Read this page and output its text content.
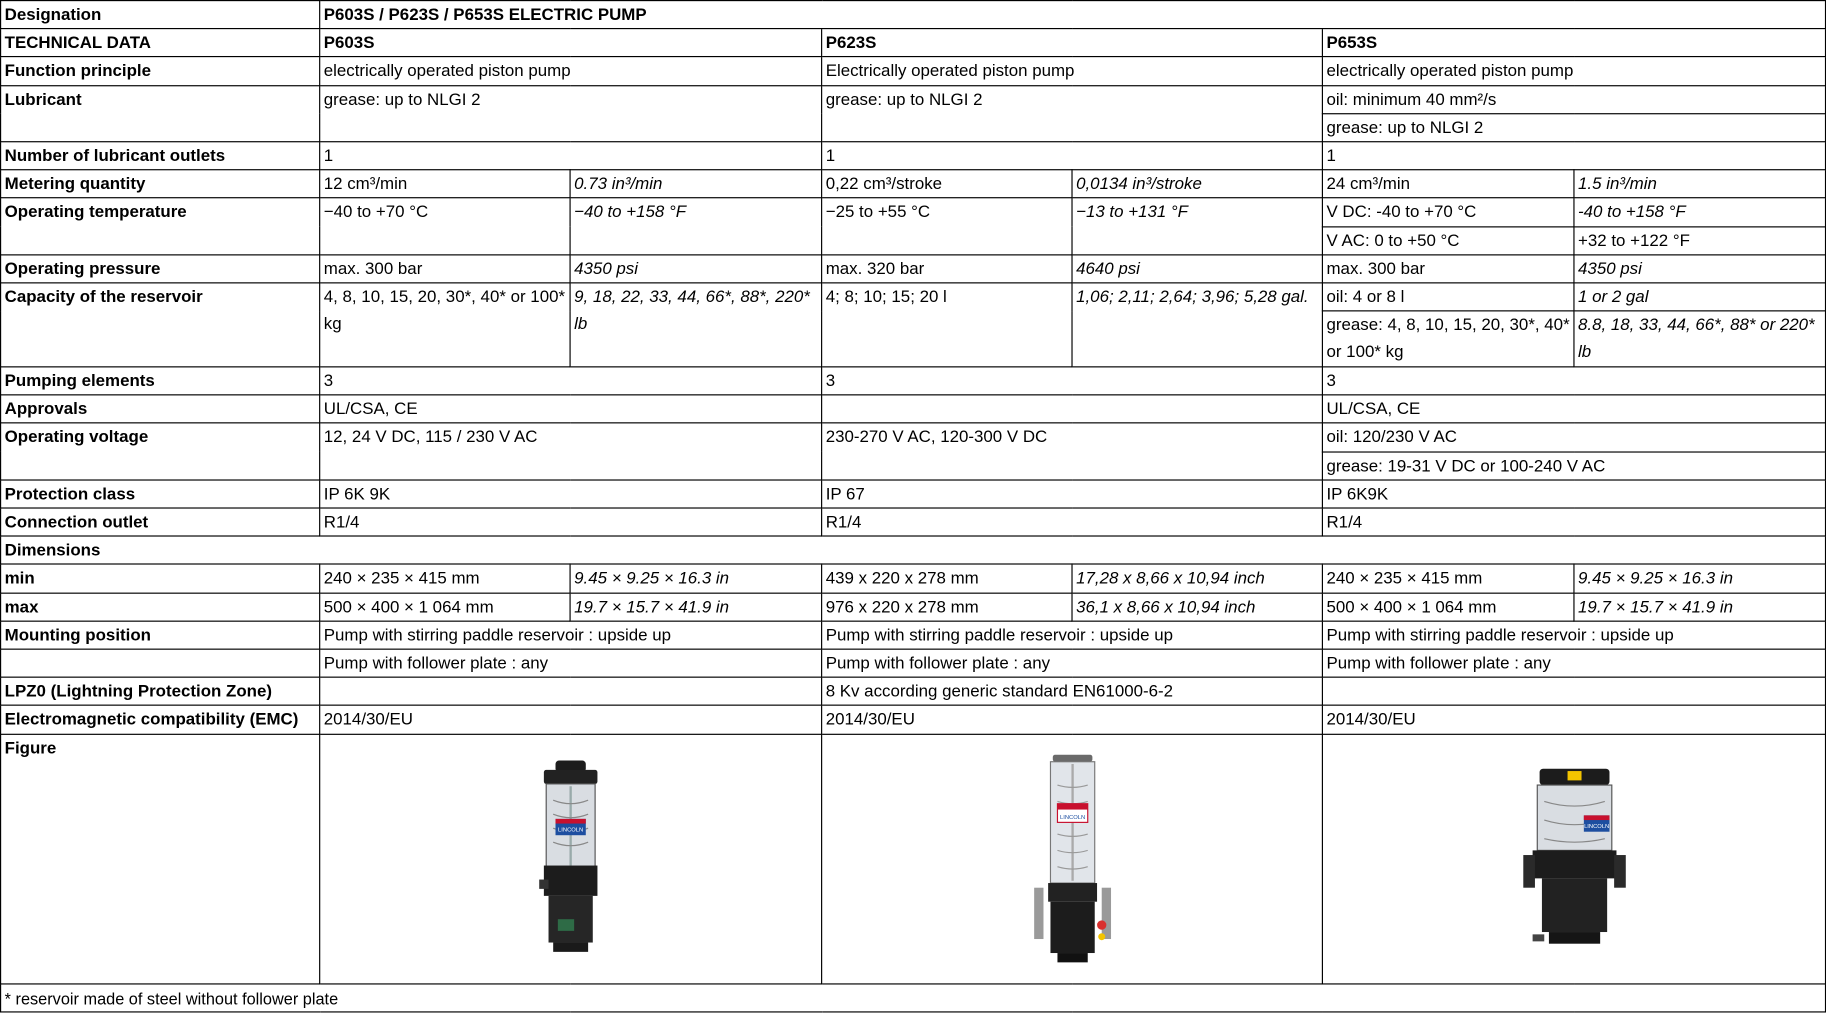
Designation	P603S / P623S / P653S ELECTRIC PUMP					
TECHNICAL DATA	P603S		P623S		P653S	
Function principle	electrically operated piston pump		Electrically operated piston pump		electrically operated piston pump	
Lubricant	grease: up to NLGI 2		grease: up to NLGI 2		oil: minimum 40 mm²/s	
					grease: up to NLGI 2	
Number of lubricant outlets	1		1		1	
Metering quantity	12 cm³/min	0.73 in³/min	0,22 cm³/stroke	0,0134 in³/stroke	24 cm³/min	1.5 in³/min
Operating temperature	−40 to +70 °C	−40 to +158 °F	−25 to +55 °C	−13 to +131 °F	V DC: -40 to +70 °C	-40 to +158 °F
					V AC: 0 to +50 °C	+32 to +122 °F
Operating pressure	max. 300 bar	4350 psi	max. 320 bar	4640 psi	max. 300 bar	4350 psi
Capacity of the reservoir	4, 8, 10, 15, 20, 30*, 40* or 100* kg	9, 18, 22, 33, 44, 66*, 88*, 220* lb	4; 8; 10; 15; 20 l	1,06; 2,11; 2,64; 3,96; 5,28 gal.	oil: 4 or 8 l	1 or 2 gal
					grease: 4, 8, 10, 15, 20, 30*, 40* or 100* kg	8.8, 18, 33, 44, 66*, 88* or 220* lb
Pumping elements	3		3		3	
Approvals	UL/CSA, CE				UL/CSA, CE	
Operating voltage	12, 24 V DC, 115 / 230 V AC		230-270 V AC, 120-300 V DC		oil: 120/230 V AC	
					grease: 19-31 V DC or 100-240 V AC	
Protection class	IP 6K 9K		IP 67		IP 6K9K	
Connection outlet	R1/4		R1/4		R1/4	
Dimensions						
min	240 × 235 × 415 mm	9.45 × 9.25 × 16.3 in	439 x 220 x 278 mm	17,28 x 8,66 x 10,94 inch	240 × 235 × 415 mm	9.45 × 9.25 × 16.3 in
max	500 × 400 × 1 064 mm	19.7 × 15.7 × 41.9 in	976 x 220 x 278 mm	36,1 x 8,66 x 10,94 inch	500 × 400 × 1 064 mm	19.7 × 15.7 × 41.9 in
Mounting position	Pump with stirring paddle reservoir : upside up		Pump with stirring paddle reservoir : upside up		Pump with stirring paddle reservoir : upside up	
	Pump with follower plate : any		Pump with follower plate : any		Pump with follower plate : any	
LPZ0 (Lightning Protection Zone)			8 Kv according generic standard EN61000-6-2			
Electromagnetic compatibility (EMC)	2014/30/EU		2014/30/EU		2014/30/EU	
Figure	LINCOLN		LINCOLN		LINCOLN	

* reservoir made of steel without follower plate						
